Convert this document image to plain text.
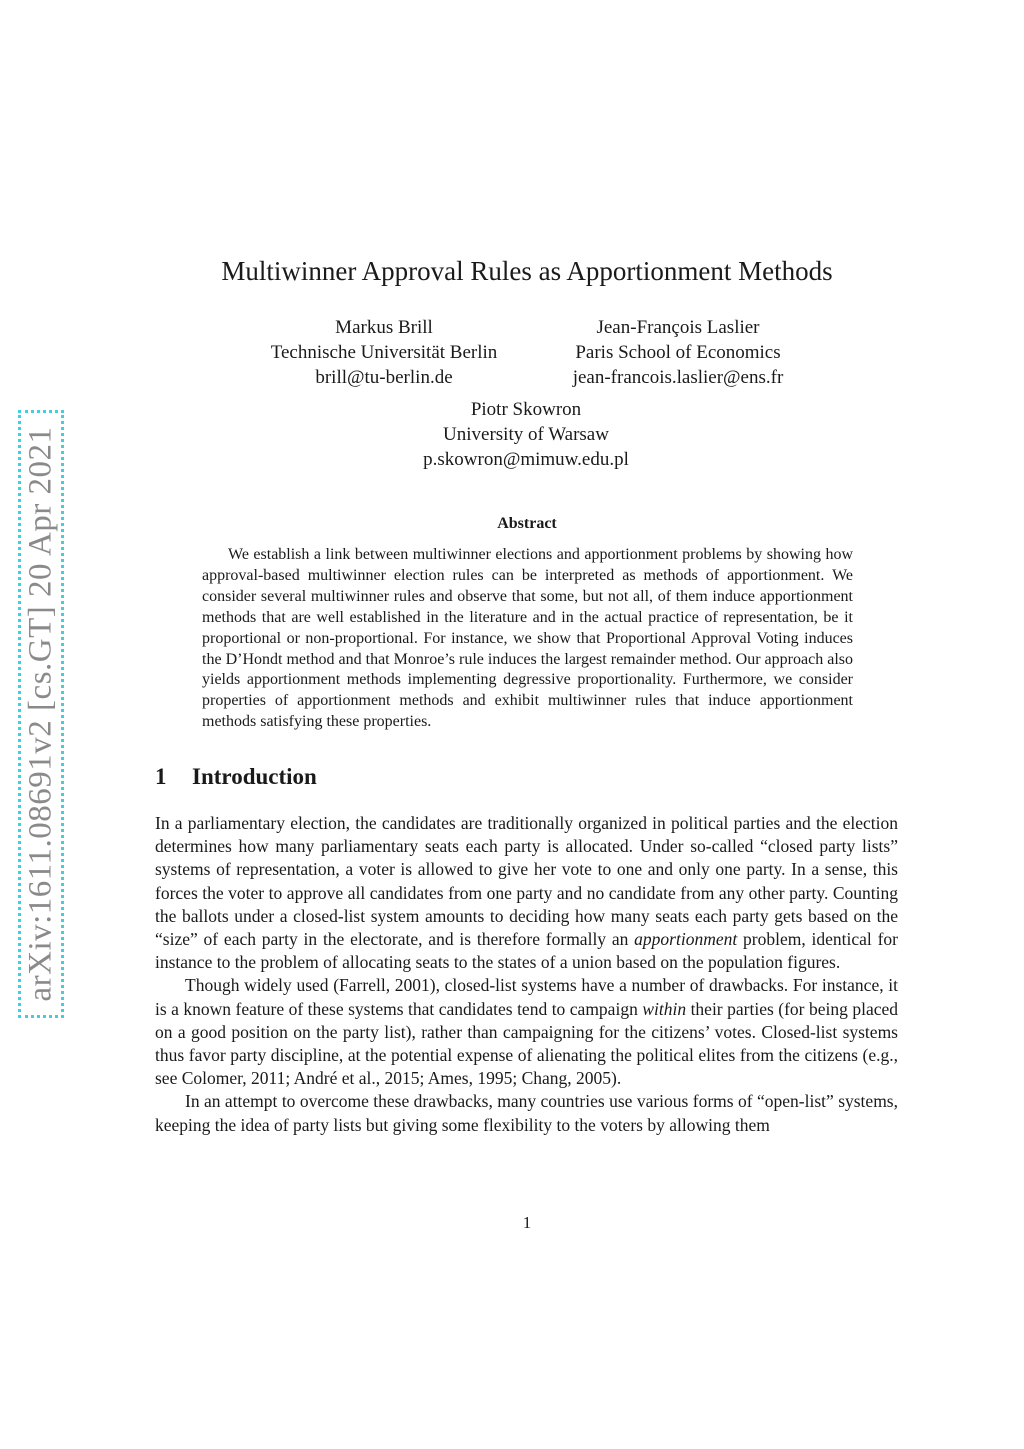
arXiv:1611.08691v2 [cs.GT] 20 Apr 2021
Multiwinner Approval Rules as Apportionment Methods
Markus Brill
Technische Universität Berlin
brill@tu-berlin.de
Jean-François Laslier
Paris School of Economics
jean-francois.laslier@ens.fr
Piotr Skowron
University of Warsaw
p.skowron@mimuw.edu.pl
Abstract

We establish a link between multiwinner elections and apportionment problems by showing how approval-based multiwinner election rules can be interpreted as methods of apportionment. We consider several multiwinner rules and observe that some, but not all, of them induce apportionment methods that are well established in the literature and in the actual practice of representation, be it proportional or non-proportional. For instance, we show that Proportional Approval Voting induces the D’Hondt method and that Monroe’s rule induces the largest remainder method. Our approach also yields apportionment methods implementing degressive proportionality. Furthermore, we consider properties of apportionment methods and exhibit multiwinner rules that induce apportionment methods satisfying these properties.

1 Introduction

In a parliamentary election, the candidates are traditionally organized in political parties and the election determines how many parliamentary seats each party is allocated. Under so-called “closed party lists” systems of representation, a voter is allowed to give her vote to one and only one party. In a sense, this forces the voter to approve all candidates from one party and no candidate from any other party. Counting the ballots under a closed-list system amounts to deciding how many seats each party gets based on the “size” of each party in the electorate, and is therefore formally an apportionment problem, identical for instance to the problem of allocating seats to the states of a union based on the population figures.

Though widely used (Farrell, 2001), closed-list systems have a number of drawbacks. For instance, it is a known feature of these systems that candidates tend to campaign within their parties (for being placed on a good position on the party list), rather than campaigning for the citizens’ votes. Closed-list systems thus favor party discipline, at the potential expense of alienating the political elites from the citizens (e.g., see Colomer, 2011; André et al., 2015; Ames, 1995; Chang, 2005).

In an attempt to overcome these drawbacks, many countries use various forms of “open-list” systems, keeping the idea of party lists but giving some flexibility to the voters by allowing them

1
